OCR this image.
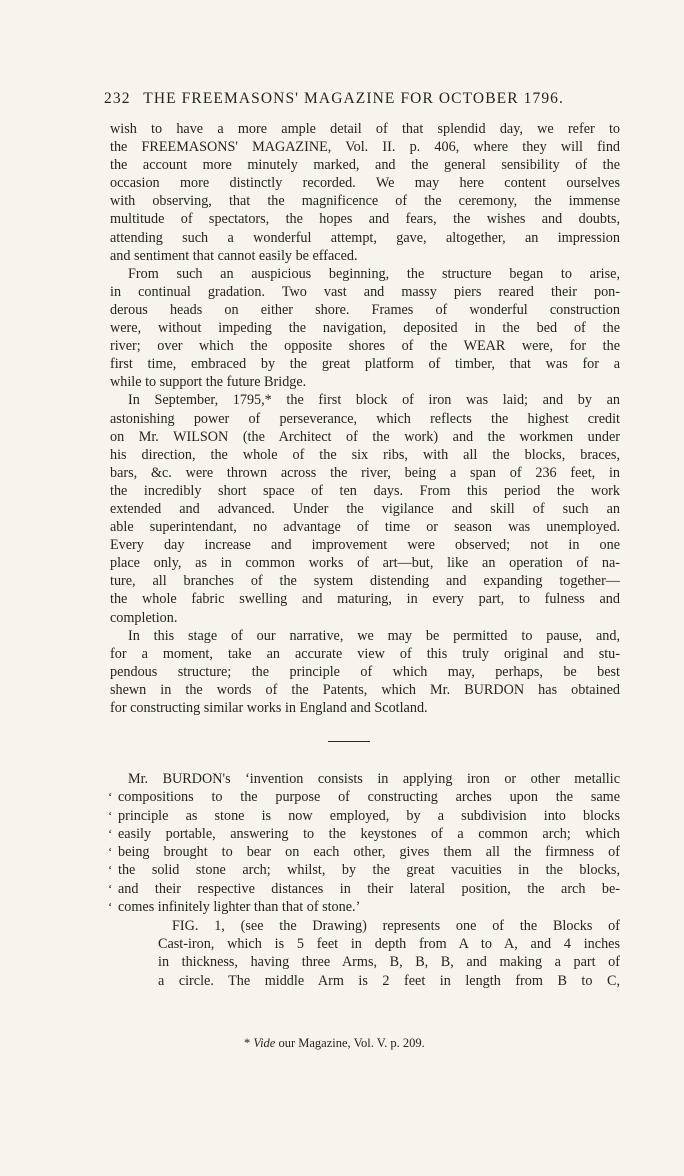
232 THE FREEMASONS' MAGAZINE FOR OCTOBER 1796.
wish to have a more ample detail of that splendid day, we refer to
the FREEMASONS' MAGAZINE, Vol. II. p. 406, where they will find
the account more minutely marked, and the general sensibility of the
occasion more distinctly recorded. We may here content ourselves
with observing, that the magnificence of the ceremony, the immense
multitude of spectators, the hopes and fears, the wishes and doubts,
attending such a wonderful attempt, gave, altogether, an impression
and sentiment that cannot easily be effaced.
From such an auspicious beginning, the structure began to arise,
in continual gradation. Two vast and massy piers reared their pon-
derous heads on either shore. Frames of wonderful construction
were, without impeding the navigation, deposited in the bed of the
river; over which the opposite shores of the WEAR were, for the
first time, embraced by the great platform of timber, that was for a
while to support the future Bridge.
In September, 1795,* the first block of iron was laid; and by an
astonishing power of perseverance, which reflects the highest credit
on Mr. WILSON (the Architect of the work) and the workmen under
his direction, the whole of the six ribs, with all the blocks, braces,
bars, &c. were thrown across the river, being a span of 236 feet, in
the incredibly short space of ten days. From this period the work
extended and advanced. Under the vigilance and skill of such an
able superintendant, no advantage of time or season was unemployed.
Every day increase and improvement were observed; not in one
place only, as in common works of art—but, like an operation of na-
ture, all branches of the system distending and expanding together—
the whole fabric swelling and maturing, in every part, to fulness and
completion.
In this stage of our narrative, we may be permitted to pause, and,
for a moment, take an accurate view of this truly original and stu-
pendous structure; the principle of which may, perhaps, be best
shewn in the words of the Patents, which Mr. BURDON has obtained
for constructing similar works in England and Scotland.
Mr. BURDON's ‘invention consists in applying iron or other metallic
‘ compositions to the purpose of constructing arches upon the same
‘ principle as stone is now employed, by a subdivision into blocks
‘ easily portable, answering to the keystones of a common arch; which
‘ being brought to bear on each other, gives them all the firmness of
‘ the solid stone arch; whilst, by the great vacuities in the blocks,
‘ and their respective distances in their lateral position, the arch be-
‘ comes infinitely lighter than that of stone.’
FIG. 1, (see the Drawing) represents one of the Blocks of
Cast-iron, which is 5 feet in depth from A to A, and 4 inches
in thickness, having three Arms, B, B, B, and making a part of
a circle. The middle Arm is 2 feet in length from B to C,
* Vide our Magazine, Vol. V. p. 209.
